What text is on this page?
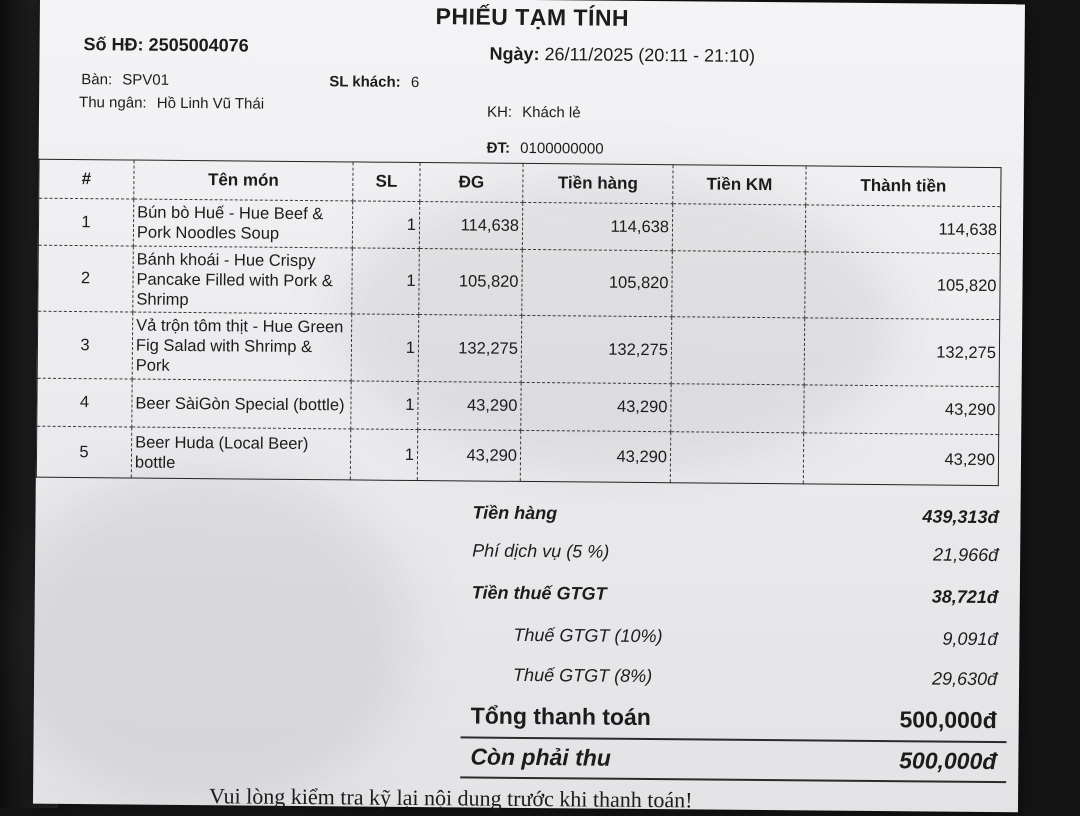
PHIẾU TẠM TÍNH
Số HĐ: 2505004076	Ngày: 26/11/2025 (20:11 - 21:10)
Bàn: SPV01	SL khách: 6
Thu ngân: Hồ Linh Vũ Thái	KH: Khách lẻ
ĐT: 0100000000
#	Tên món	SL	ĐG	Tiền hàng	Tiền KM	Thành tiền
1	Bún bò Huế - Hue Beef & Pork Noodles Soup	1	114,638	114,638		114,638
2	Bánh khoái - Hue Crispy Pancake Filled with Pork & Shrimp	1	105,820	105,820		105,820
3	Vả trộn tôm thịt - Hue Green Fig Salad with Shrimp & Pork	1	132,275	132,275		132,275
4	Beer SàiGòn Special (bottle)	1	43,290	43,290		43,290
5	Beer Huda (Local Beer) bottle	1	43,290	43,290		43,290
Tiền hàng	439,313đ
Phí dịch vụ (5 %)	21,966đ
Tiền thuế GTGT	38,721đ
Thuế GTGT (10%)	9,091đ
Thuế GTGT (8%)	29,630đ
Tổng thanh toán	500,000đ
Còn phải thu	500,000đ
Vui lòng kiểm tra kỹ lại nội dung trước khi thanh toán!
